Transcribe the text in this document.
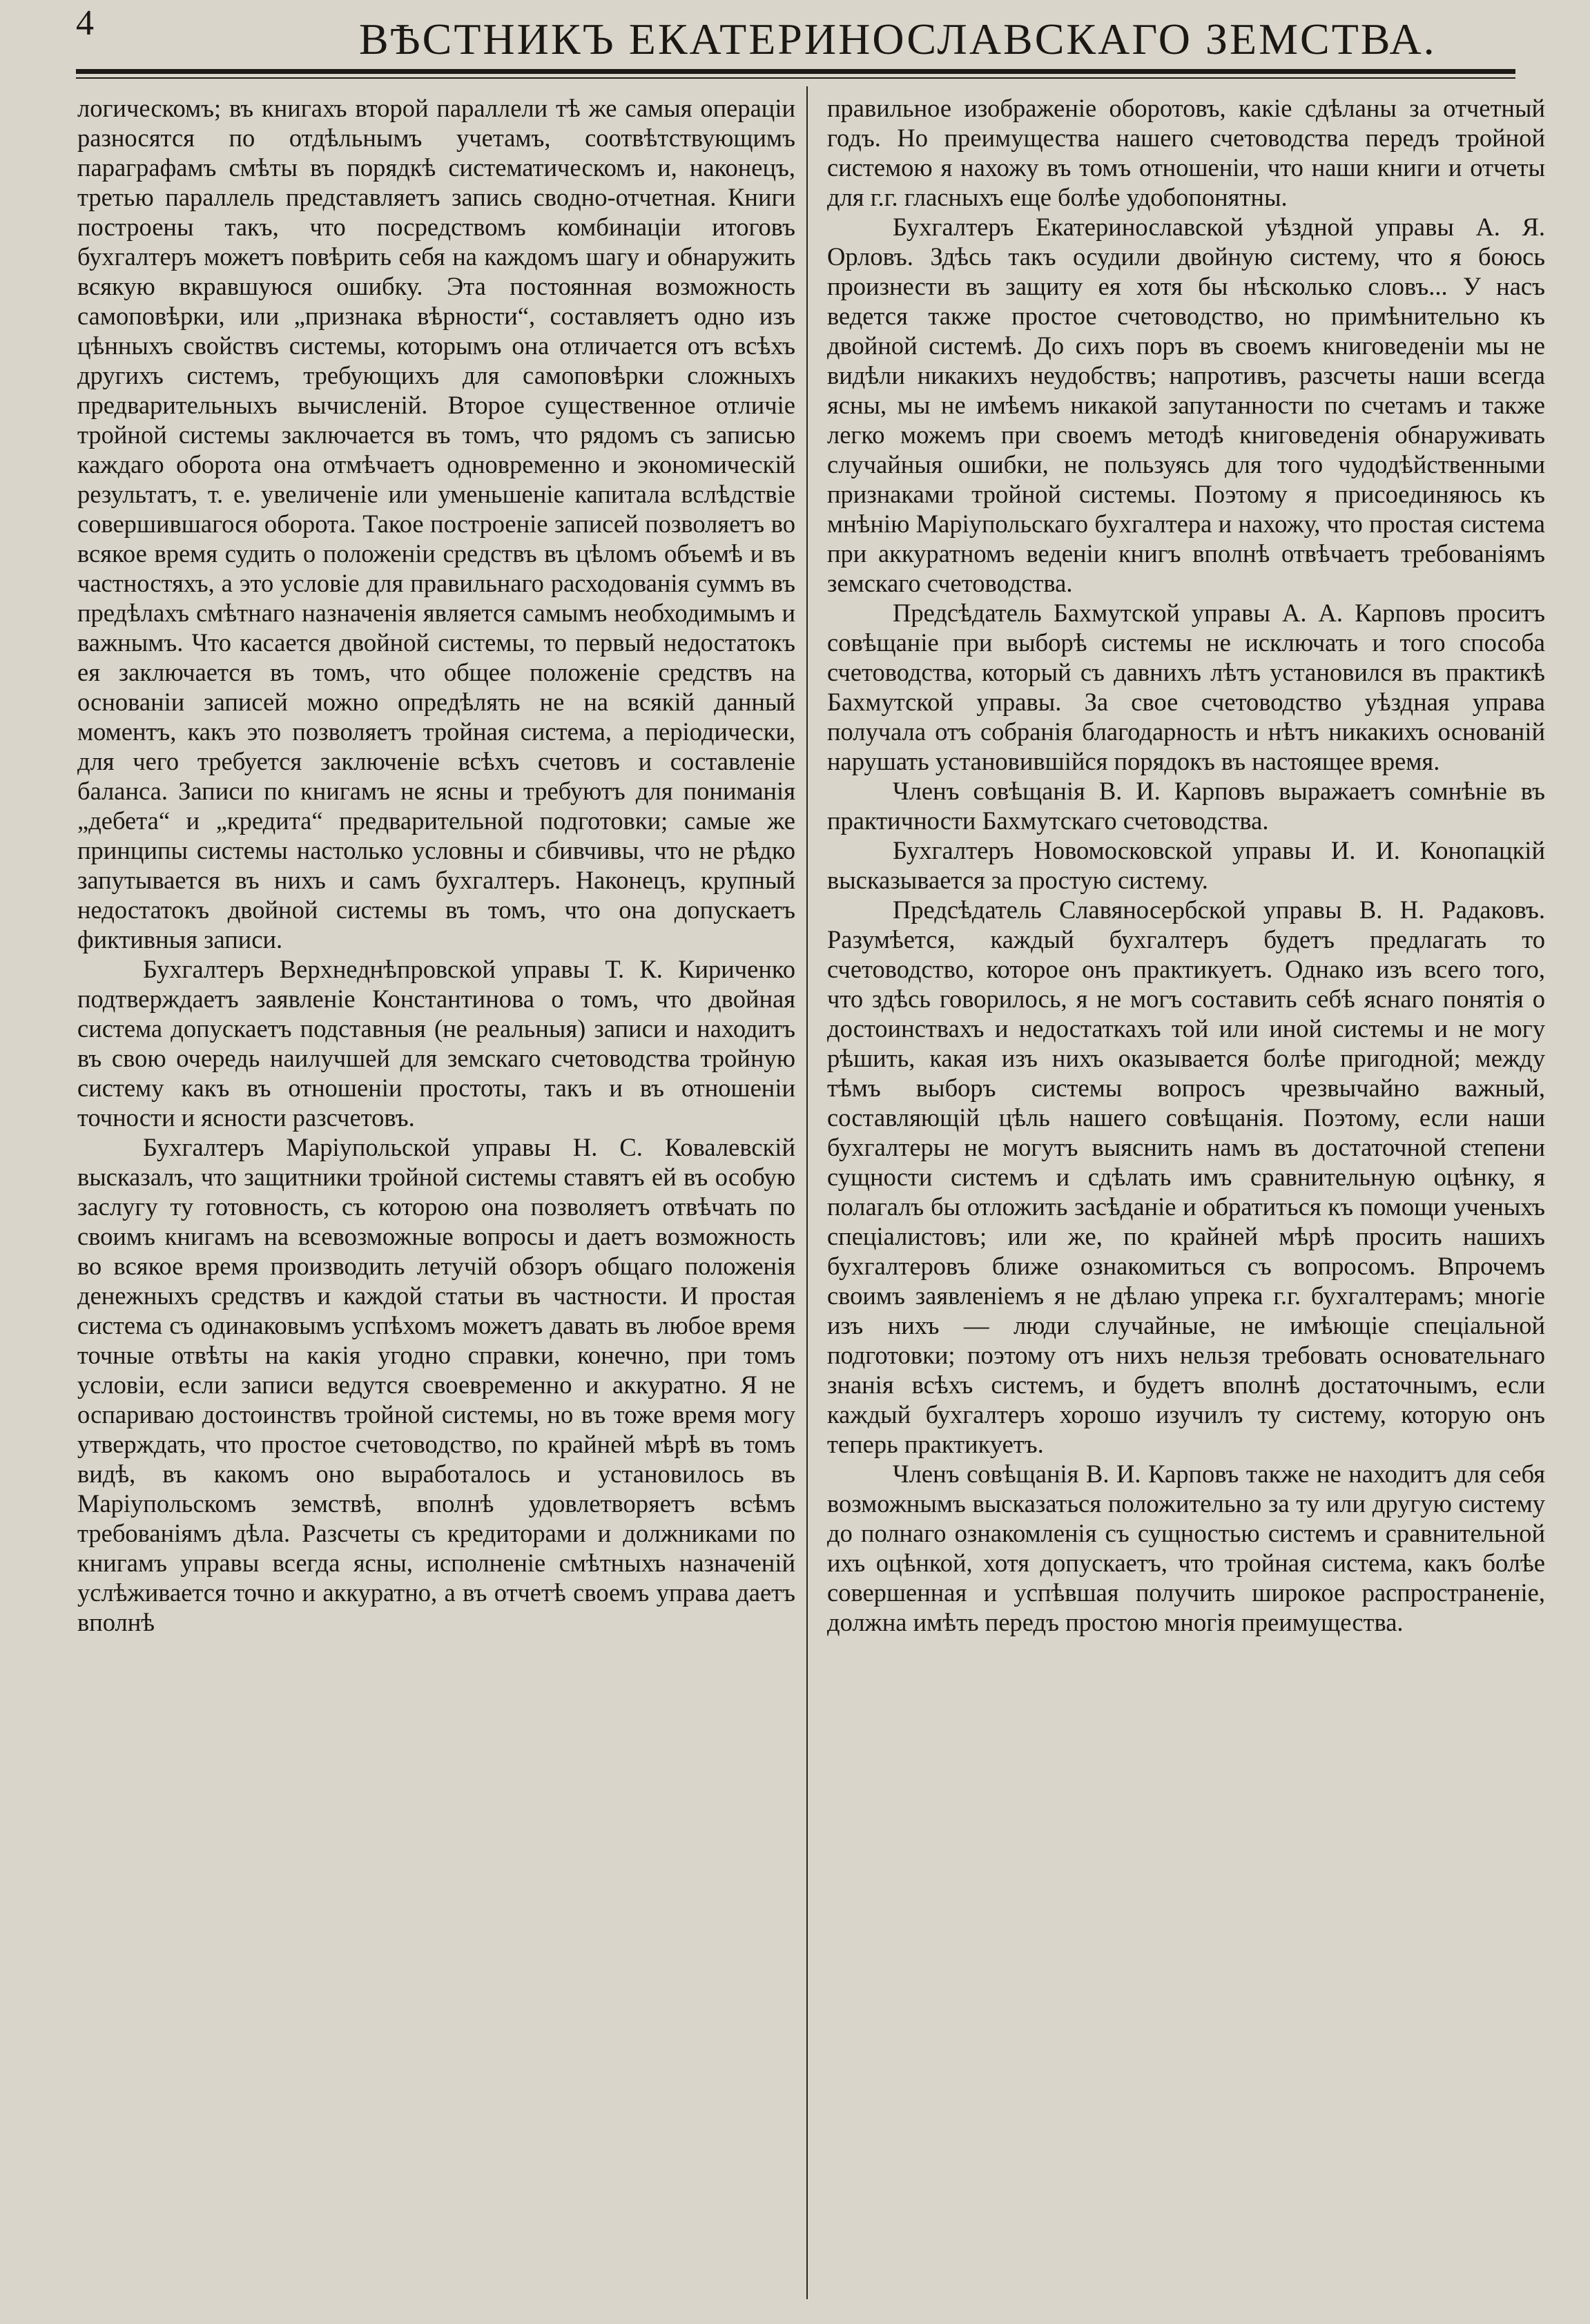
4	ВѢСТНИКЪ ЕКАТЕРИНОСЛАВСКАГО ЗЕМСТВА.

логическомъ; въ книгахъ второй параллели тѣ же самыя операціи разносятся по отдѣльнымъ учетамъ, соотвѣтствующимъ параграфамъ смѣты въ порядкѣ систематическомъ и, наконецъ, третью параллель представляетъ запись сводно-отчетная. Книги построены такъ, что посредствомъ комбинаціи итоговъ бухгалтеръ можетъ повѣрить себя на каждомъ шагу и обнаружить всякую вкравшуюся ошибку. Эта постоянная возможность самоповѣрки, или „признака вѣрности“, составляетъ одно изъ цѣнныхъ свойствъ системы, которымъ она отличается отъ всѣхъ другихъ системъ, требующихъ для самоповѣрки сложныхъ предварительныхъ вычисленій. Второе существенное отличіе тройной системы заключается въ томъ, что рядомъ съ записью каждаго оборота она отмѣчаетъ одновременно и экономическій результатъ, т. е. увеличеніе или уменьшеніе капитала вслѣдствіе совершившагося оборота. Такое построеніе записей позволяетъ во всякое время судить о положеніи средствъ въ цѣломъ объемѣ и въ частностяхъ, а это условіе для правильнаго расходованія суммъ въ предѣлахъ смѣтнаго назначенія является самымъ необходимымъ и важнымъ. Что касается двойной системы, то первый недостатокъ ея заключается въ томъ, что общее положеніе средствъ на основаніи записей можно опредѣлять не на всякій данный моментъ, какъ это позволяетъ тройная система, а періодически, для чего требуется заключеніе всѣхъ счетовъ и составленіе баланса. Записи по книгамъ не ясны и требуютъ для пониманія „дебета“ и „кредита“ предварительной подготовки; самые же принципы системы настолько условны и сбивчивы, что не рѣдко запутывается въ нихъ и самъ бухгалтеръ. Наконецъ, крупный недостатокъ двойной системы въ томъ, что она допускаетъ фиктивныя записи.

Бухгалтеръ Верхнеднѣпровской управы Т. К. Кириченко подтверждаетъ заявленіе Константинова о томъ, что двойная система допускаетъ подставныя (не реальныя) записи и находитъ въ свою очередь наилучшей для земскаго счетоводства тройную систему какъ въ отношеніи простоты, такъ и въ отношеніи точности и ясности разсчетовъ.

Бухгалтеръ Маріупольской управы Н. С. Ковалевскій высказалъ, что защитники тройной системы ставятъ ей въ особую заслугу ту готовность, съ которою она позволяетъ отвѣчать по своимъ книгамъ на всевозможные вопросы и даетъ возможность во всякое время производить летучій обзоръ общаго положенія денежныхъ средствъ и каждой статьи въ частности. И простая система съ одинаковымъ успѣхомъ можетъ давать въ любое время точные отвѣты на какія угодно справки, конечно, при томъ условіи, если записи ведутся своевременно и аккуратно. Я не оспариваю достоинствъ тройной системы, но въ тоже время могу утверждать, что простое счетоводство, по крайней мѣрѣ въ томъ видѣ, въ какомъ оно выработалось и установилось въ Маріупольскомъ земствѣ, вполнѣ удовлетворяетъ всѣмъ требованіямъ дѣла. Разсчеты съ кредиторами и должниками по книгамъ управы всегда ясны, исполненіе смѣтныхъ назначеній услѣживается точно и аккуратно, а въ отчетѣ своемъ управа даетъ вполнѣ

правильное изображеніе оборотовъ, какіе сдѣланы за отчетный годъ. Но преимущества нашего счетоводства передъ тройной системою я нахожу въ томъ отношеніи, что наши книги и отчеты для г.г. гласныхъ еще болѣе удобопонятны.

Бухгалтеръ Екатеринославской уѣздной управы А. Я. Орловъ. Здѣсь такъ осудили двойную систему, что я боюсь произнести въ защиту ея хотя бы нѣсколько словъ... У насъ ведется также простое счетоводство, но примѣнительно къ двойной системѣ. До сихъ поръ въ своемъ книговеденіи мы не видѣли никакихъ неудобствъ; напротивъ, разсчеты наши всегда ясны, мы не имѣемъ никакой запутанности по счетамъ и также легко можемъ при своемъ методѣ книговеденія обнаруживать случайныя ошибки, не пользуясь для того чудодѣйственными признаками тройной системы. Поэтому я присоединяюсь къ мнѣнію Маріупольскаго бухгалтера и нахожу, что простая система при аккуратномъ веденіи книгъ вполнѣ отвѣчаетъ требованіямъ земскаго счетоводства.

Предсѣдатель Бахмутской управы А. А. Карповъ проситъ совѣщаніе при выборѣ системы не исключать и того способа счетоводства, который съ давнихъ лѣтъ установился въ практикѣ Бахмутской управы. За свое счетоводство уѣздная управа получала отъ собранія благодарность и нѣтъ никакихъ основаній нарушать установившійся порядокъ въ настоящее время.

Членъ совѣщанія В. И. Карповъ выражаетъ сомнѣніе въ практичности Бахмутскаго счетоводства.

Бухгалтеръ Новомосковской управы И. И. Конопацкій высказывается за простую систему.

Предсѣдатель Славяносербской управы В. Н. Радаковъ. Разумѣется, каждый бухгалтеръ будетъ предлагать то счетоводство, которое онъ практикуетъ. Однако изъ всего того, что здѣсь говорилось, я не могъ составить себѣ яснаго понятія о достоинствахъ и недостаткахъ той или иной системы и не могу рѣшить, какая изъ нихъ оказывается болѣе пригодной; между тѣмъ выборъ системы вопросъ чрезвычайно важный, составляющій цѣль нашего совѣщанія. Поэтому, если наши бухгалтеры не могутъ выяснить намъ въ достаточной степени сущности системъ и сдѣлать имъ сравнительную оцѣнку, я полагалъ бы отложить засѣданіе и обратиться къ помощи ученыхъ спеціалистовъ; или же, по крайней мѣрѣ просить нашихъ бухгалтеровъ ближе ознакомиться съ вопросомъ. Впрочемъ своимъ заявленіемъ я не дѣлаю упрека г.г. бухгалтерамъ; многіе изъ нихъ — люди случайные, не имѣющіе спеціальной подготовки; поэтому отъ нихъ нельзя требовать основательнаго знанія всѣхъ системъ, и будетъ вполнѣ достаточнымъ, если каждый бухгалтеръ хорошо изучилъ ту систему, которую онъ теперь практикуетъ.

Членъ совѣщанія В. И. Карповъ также не находитъ для себя возможнымъ высказаться положительно за ту или другую систему до полнаго ознакомленія съ сущностью системъ и сравнительной ихъ оцѣнкой, хотя допускаетъ, что тройная система, какъ болѣе совершенная и успѣвшая получить широкое распространеніе, должна имѣть передъ простою многія преимущества.
